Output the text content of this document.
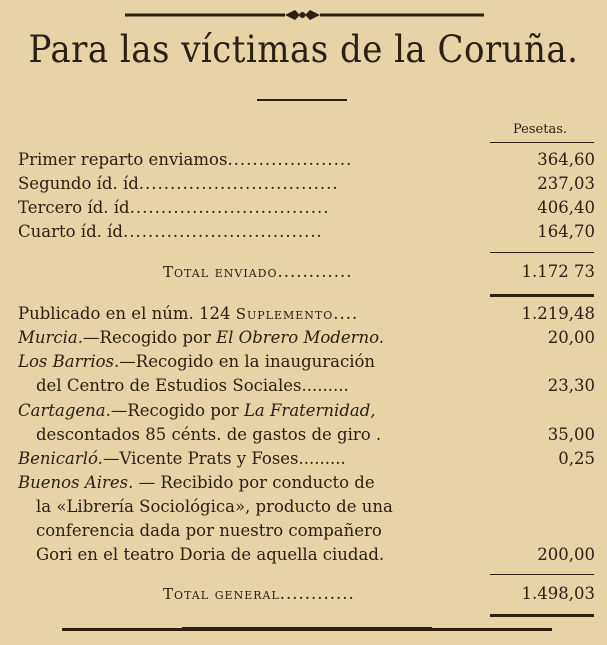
Para las víctimas de la Coruña.
Pesetas.
Primer reparto enviamos....................	364,60
Segundo íd. íd................................	237,03
Tercero íd. íd................................	406,40
Cuarto íd. íd................................	164,70
Total enviado............	1.172 73
Publicado en el núm. 124 Suplemento....	1.219,48
Murcia.—Recogido por El Obrero Moderno.	20,00
Los Barrios.—Recogido en la inauguración
del Centro de Estudios Sociales.........	23,30
Cartagena.—Recogido por La Fraternidad,
descontados 85 cénts. de gastos de giro .	35,00
Benicarló.—Vicente Prats y Foses.........	0,25
Buenos Aires. — Recibido por conducto de
la «Librería Sociológica», producto de una
conferencia dada por nuestro compañero
Gori en el teatro Doria de aquella ciudad.	200,00
Total general............	1.498,03
